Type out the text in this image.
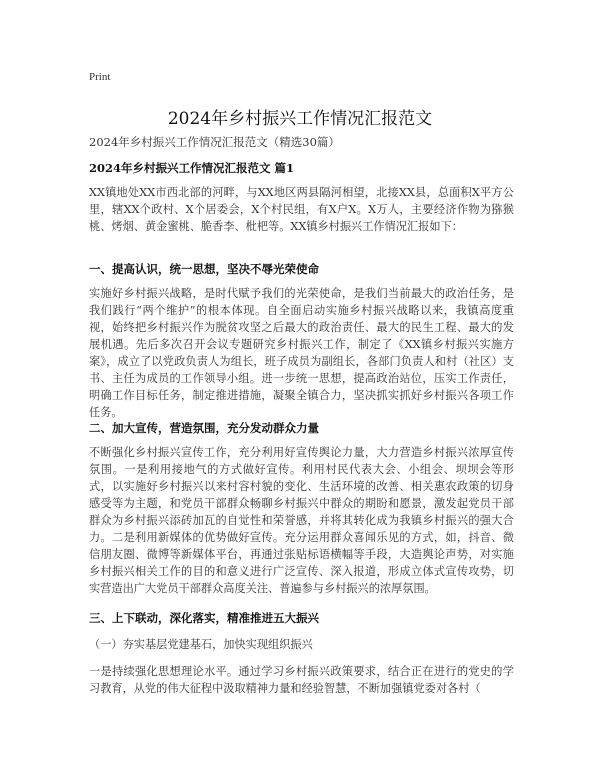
Print
2024年乡村振兴工作情况汇报范文

2024年乡村振兴工作情况汇报范文（精选30篇）

2024年乡村振兴工作情况汇报范文 篇1

XX镇地处XX市西北部的河畔，与XX地区两县隔河相望，北接XX县，总面积X平方公里，辖XX个政村、X个居委会，X个村民组，有X户X。X万人，主要经济作物为猕猴桃、烤烟、黄金蜜桃、脆香李、枇杷等。XX镇乡村振兴工作情况汇报如下：

一、提高认识，统一思想，坚决不辱光荣使命

实施好乡村振兴战略，是时代赋予我们的光荣使命，是我们当前最大的政治任务，是我们践行“两个维护”的根本体现。自全面启动实施乡村振兴战略以来，我镇高度重视，始终把乡村振兴作为脱贫攻坚之后最大的政治责任、最大的民生工程、最大的发展机遇。先后多次召开会议专题研究乡村振兴工作，制定了《XX镇乡村振兴实施方案》，成立了以党政负责人为组长，班子成员为副组长，各部门负责人和村（社区）支书、主任为成员的工作领导小组。进一步统一思想，提高政治站位，压实工作责任，明确工作目标任务，制定推进措施，凝聚全镇合力，坚决抓实抓好乡村振兴各项工作任务。

二、加大宣传，营造氛围，充分发动群众力量

不断强化乡村振兴宣传工作，充分利用好宣传舆论力量，大力营造乡村振兴浓厚宣传氛围。一是利用接地气的方式做好宣传。利用村民代表大会、小组会、坝坝会等形式，以实施好乡村振兴以来村容村貌的变化、生活环境的改善、相关惠农政策的切身感受等为主题，和党员干部群众畅聊乡村振兴中群众的期盼和愿景，激发起党员干部群众为乡村振兴添砖加瓦的自觉性和荣誉感，并将其转化成为我镇乡村振兴的强大合力。二是利用新媒体的优势做好宣传。充分运用群众喜闻乐见的方式，如，抖音、微信朋友圈、微博等新媒体平台，再通过张贴标语横幅等手段，大造舆论声势，对实施乡村振兴相关工作的目的和意义进行广泛宣传、深入报道，形成立体式宣传攻势，切实营造出广大党员干部群众高度关注、普遍参与乡村振兴的浓厚氛围。

三、上下联动，深化落实，精准推进五大振兴

（一）夯实基层党建基石，加快实现组织振兴

一是持续强化思想理论水平。通过学习乡村振兴政策要求，结合正在进行的党史的学习教育，从党的伟大征程中汲取精神力量和经验智慧，不断加强镇党委对各村（
